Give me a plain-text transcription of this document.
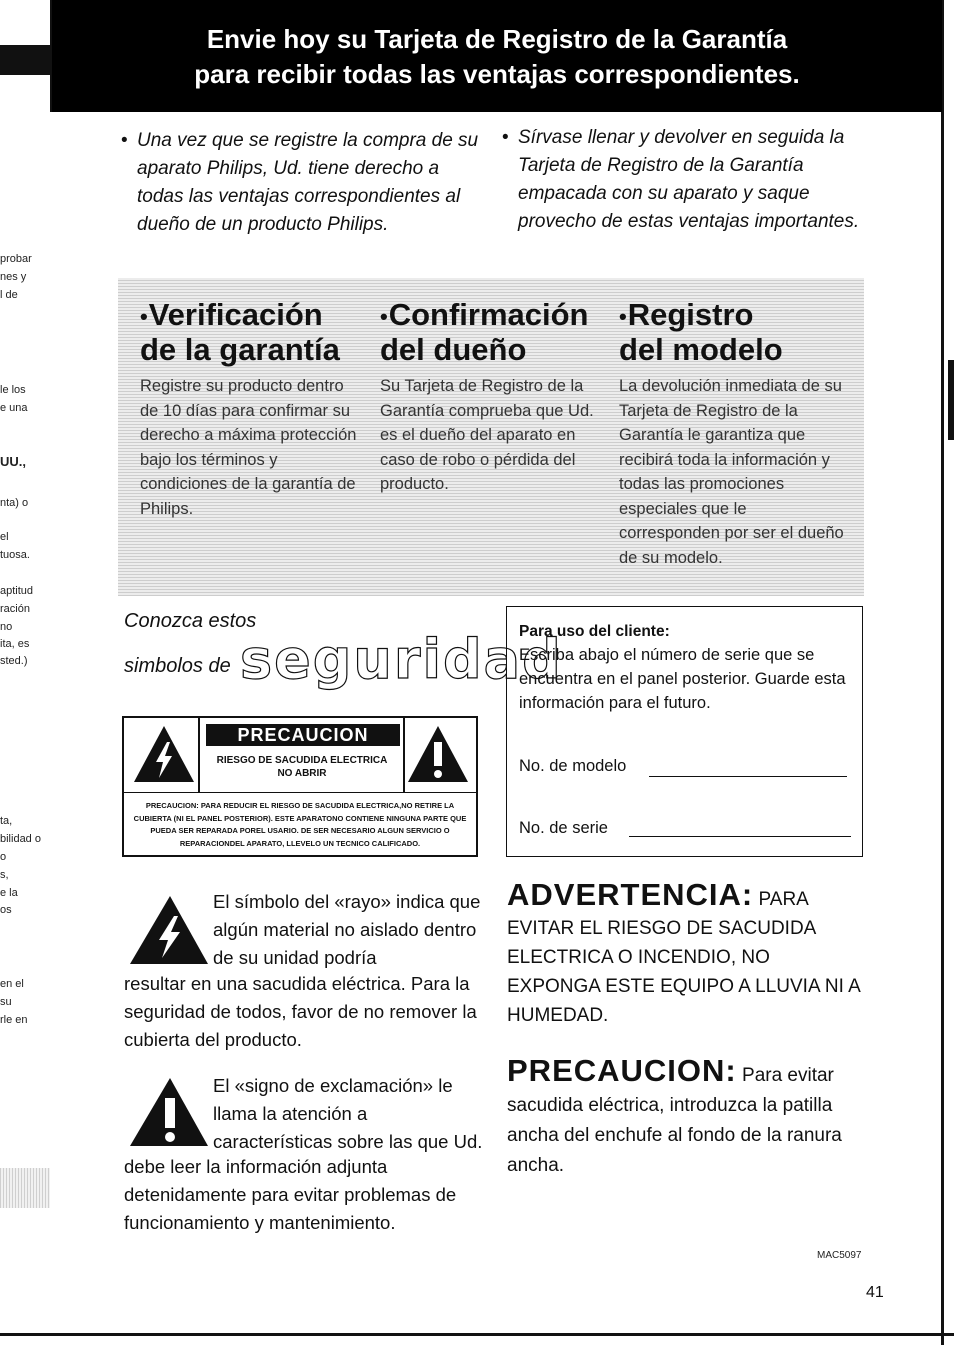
probar
nes y
l de
le los
e una
UU.,
nta) o
el
tuosa.
aptitud
ración
no
ita, es
sted.)
ta,
bilidad o
o
s,
e la
os
en el
su
rle en
Envie hoy su Tarjeta de Registro de la Garantía
para recibir todas las ventajas correspondientes.
• Una vez que se registre la compra de su aparato Philips, Ud. tiene derecho a todas las ventajas correspondientes al dueño de un producto Philips.
• Sírvase llenar y devolver en seguida la Tarjeta de Registro de la Garantía empacada con su aparato y saque provecho de estas ventajas importantes.
•Verificación
de la garantía

Registre su producto dentro de 10 días para confirmar su derecho a máxima protección bajo los términos y condiciones de la garantía de Philips.

•Confirmación
del dueño

Su Tarjeta de Registro de la Garantía comprueba que Ud. es el dueño del aparato en caso de robo o pérdida del producto.

•Registro
del modelo

La devolución inmediata de su Tarjeta de Registro de la Garantía le garantiza que recibirá toda la información y todas las promociones especiales que le corresponden por ser el dueño de su modelo.

Conozca estos
simbolos de seguridad
PRECAUCION
RIESGO DE SACUDIDA ELECTRICA
NO ABRIR
PRECAUCION: PARA REDUCIR EL RIESGO DE SACUDIDA ELECTRICA,NO RETIRE LA CUBIERTA (NI EL PANEL POSTERIOR). ESTE APARATONO CONTIENE NINGUNA PARTE QUE PUEDA SER REPARADA POREL USARIO. DE SER NECESARIO ALGUN SERVICIO O REPARACIONDEL APARATO, LLEVELO UN TECNICO CALIFICADO.
Para uso del cliente:
Escriba abajo el número de serie que se encuentra en el panel posterior. Guarde esta información para el futuro.
No. de modelo
No. de serie
El símbolo del «rayo» indica que algún material no aislado dentro de su unidad podría
resultar en una sacudida eléctrica. Para la seguridad de todos, favor de no remover la cubierta del producto.
El «signo de exclamación» le llama la atención a características sobre las que Ud.
debe leer la información adjunta detenidamente para evitar problemas de funcionamiento y mantenimiento.
ADVERTENCIA: PARA EVITAR EL RIESGO DE SACUDIDA ELECTRICA O INCENDIO, NO EXPONGA ESTE EQUIPO A LLUVIA NI A HUMEDAD.
PRECAUCION: Para evitar sacudida eléctrica, introduzca la patilla ancha del enchufe al fondo de la ranura ancha.
MAC5097
41
